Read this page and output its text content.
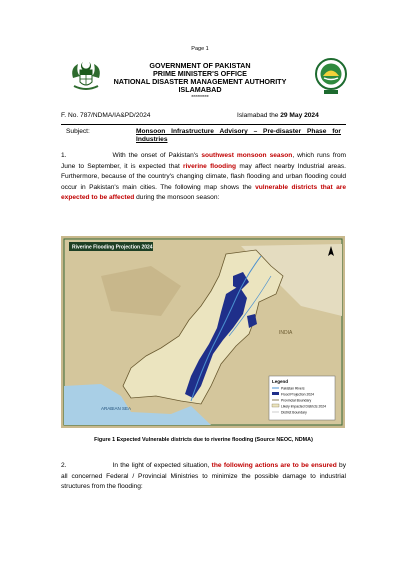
Page 1
GOVERNMENT OF PAKISTAN
PRIME MINISTER'S OFFICE
NATIONAL DISASTER MANAGEMENT AUTHORITY
ISLAMABAD
*********
F. No. 787/NDMA/IA&PD/2024	Islamabad the 29 May 2024
Subject:	Monsoon Infrastructure Advisory – Pre-disaster Phase for Industries
1.	With the onset of Pakistan's southwest monsoon season, which runs from June to September, it is expected that riverine flooding may affect nearby Industrial areas. Furthermore, because of the country's changing climate, flash flooding and urban flooding could occur in Pakistan's main cities. The following map shows the vulnerable districts that are expected to be affected during the monsoon season:
Riverine Flooding Projection 2024
INDIA
ARABIAN SEA
Legend
Pakistan Rivers
Flood Projection 2024
Provincial Boundary
Likely Impacted Districts 2024
District Boundary
Figure 1 Expected Vulnerable districts due to riverine flooding (Source NEOC, NDMA)
2.	In the light of expected situation, the following actions are to be ensured by all concerned Federal / Provincial Ministries to minimize the possible damage to industrial structures from the flooding:
